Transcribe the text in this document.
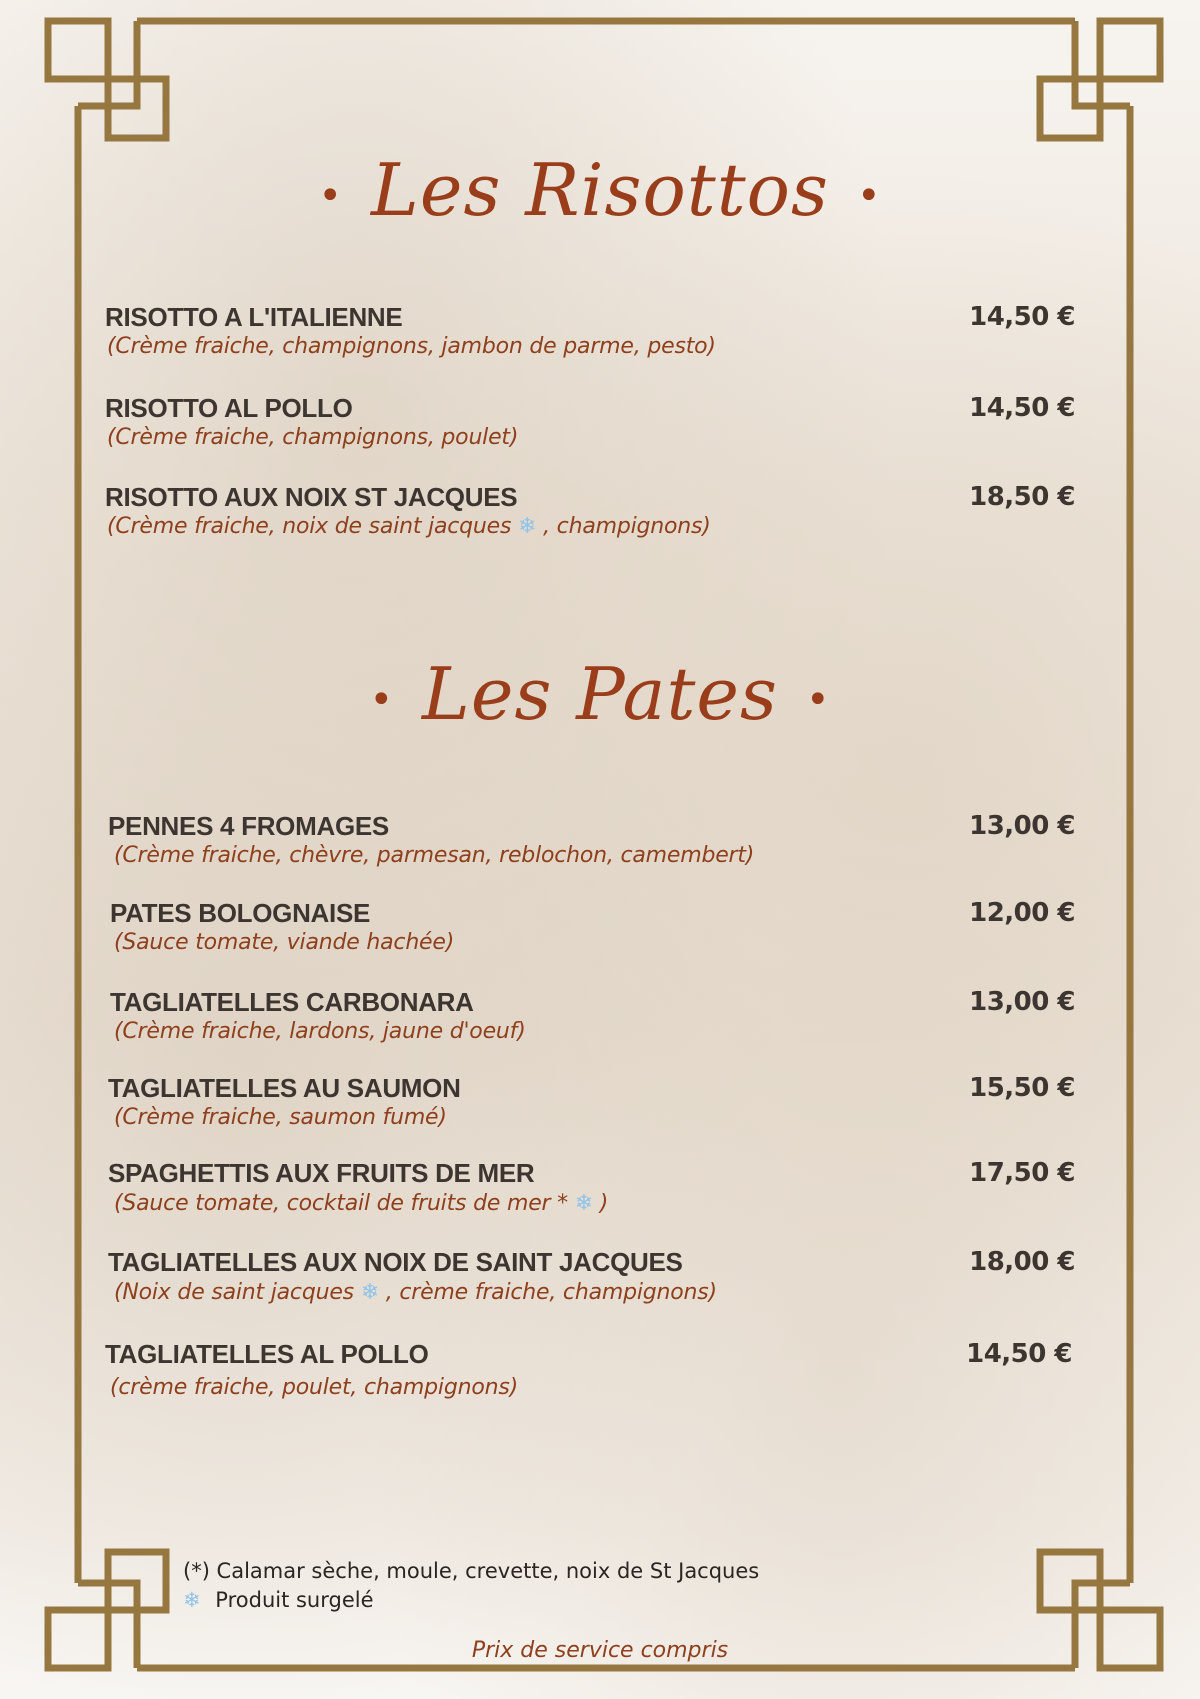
• Les Risottos •
RISOTTO A L'ITALIENNE
(Crème fraiche, champignons, jambon de parme, pesto)
14,50 €
RISOTTO AL POLLO
(Crème fraiche, champignons, poulet)
14,50 €
RISOTTO AUX NOIX ST JACQUES
(Crème fraiche, noix de saint jacques ❄ , champignons)
18,50 €
• Les Pates •
PENNES 4 FROMAGES
(Crème fraiche, chèvre, parmesan, reblochon, camembert)
13,00 €
PATES BOLOGNAISE
(Sauce tomate, viande hachée)
12,00 €
TAGLIATELLES CARBONARA
(Crème fraiche, lardons, jaune d'oeuf)
13,00 €
TAGLIATELLES AU SAUMON
(Crème fraiche, saumon fumé)
15,50 €
SPAGHETTIS AUX FRUITS DE MER
(Sauce tomate, cocktail de fruits de mer * ❄ )
17,50 €
TAGLIATELLES AUX NOIX DE SAINT JACQUES
(Noix de saint jacques ❄ , crème fraiche, champignons)
18,00 €
TAGLIATELLES AL POLLO
(crème fraiche, poulet, champignons)
14,50 €
(*) Calamar sèche, moule, crevette, noix de St Jacques
❄ Produit surgelé
Prix de service compris
